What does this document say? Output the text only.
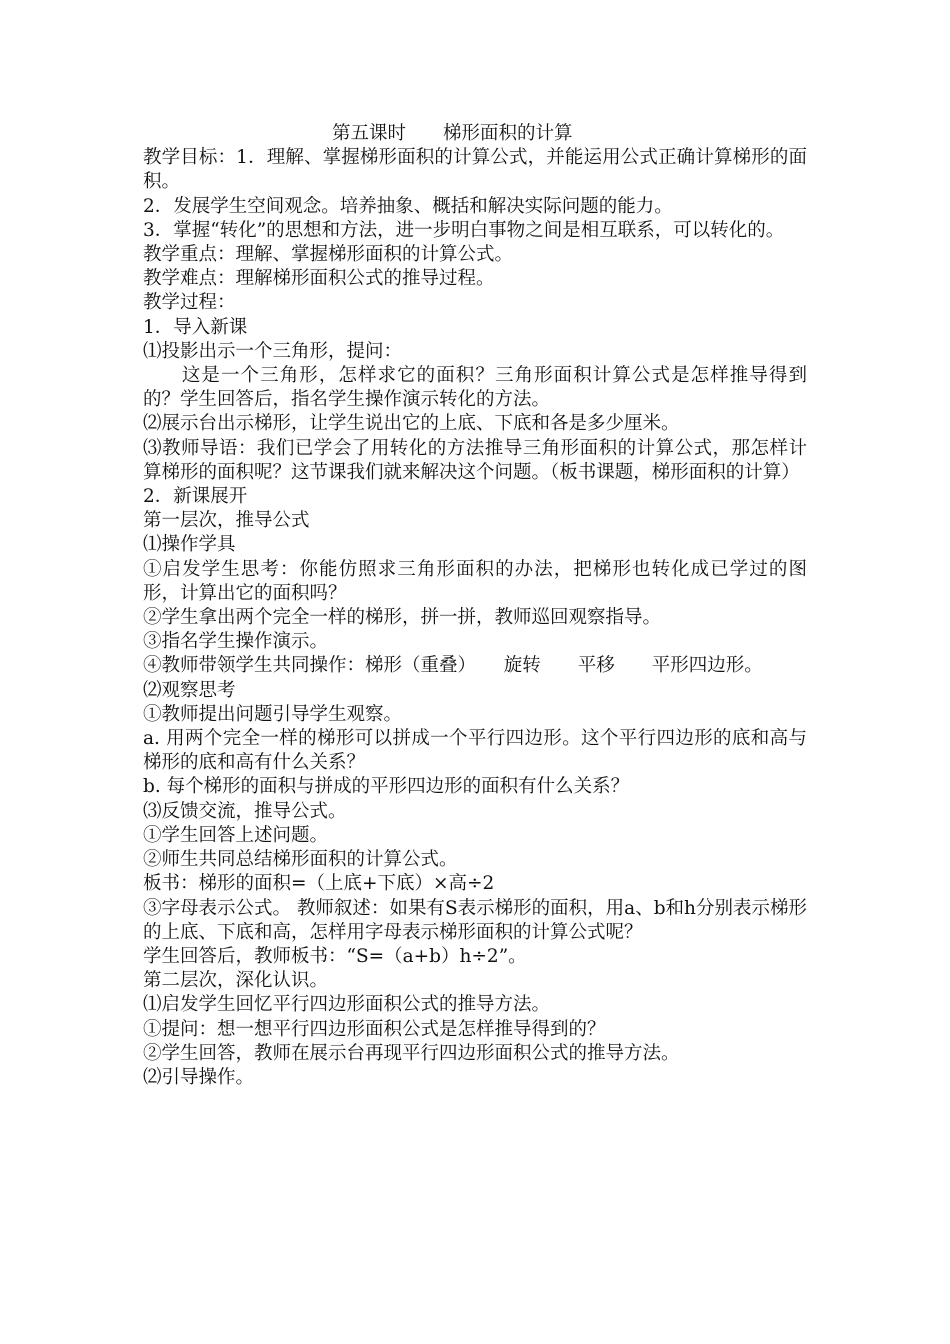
第五课时　　梯形面积的计算

教学目标：1．理解、掌握梯形面积的计算公式，并能运用公式正确计算梯形的面积。

2．发展学生空间观念。培养抽象、概括和解决实际问题的能力。

3．掌握“转化”的思想和方法，进一步明白事物之间是相互联系，可以转化的。

教学重点：理解、掌握梯形面积的计算公式。

教学难点：理解梯形面积公式的推导过程。

教学过程：

1．导入新课

⑴投影出示一个三角形，提问：

这是一个三角形，怎样求它的面积？三角形面积计算公式是怎样推导得到的？学生回答后，指名学生操作演示转化的方法。

⑵展示台出示梯形，让学生说出它的上底、下底和各是多少厘米。

⑶教师导语：我们已学会了用转化的方法推导三角形面积的计算公式，那怎样计算梯形的面积呢？这节课我们就来解决这个问题。（板书课题，梯形面积的计算）

2．新课展开

第一层次，推导公式

⑴操作学具

①启发学生思考：你能仿照求三角形面积的办法，把梯形也转化成已学过的图形，计算出它的面积吗？

②学生拿出两个完全一样的梯形，拼一拼，教师巡回观察指导。

③指名学生操作演示。

④教师带领学生共同操作：梯形（重叠）　　旋转　　平移　　平形四边形。

⑵观察思考

①教师提出问题引导学生观察。

a. 用两个完全一样的梯形可以拼成一个平行四边形。这个平行四边形的底和高与梯形的底和高有什么关系？

b. 每个梯形的面积与拼成的平形四边形的面积有什么关系？

⑶反馈交流，推导公式。

①学生回答上述问题。

②师生共同总结梯形面积的计算公式。

板书：梯形的面积=（上底+下底）×高÷2

③字母表示公式。 教师叙述：如果有S表示梯形的面积，用a、b和h分别表示梯形的上底、下底和高，怎样用字母表示梯形面积的计算公式呢？

学生回答后，教师板书：“S=（a+b）h÷2”。

第二层次，深化认识。

⑴启发学生回忆平行四边形面积公式的推导方法。

①提问：想一想平行四边形面积公式是怎样推导得到的？

②学生回答，教师在展示台再现平行四边形面积公式的推导方法。

⑵引导操作。
